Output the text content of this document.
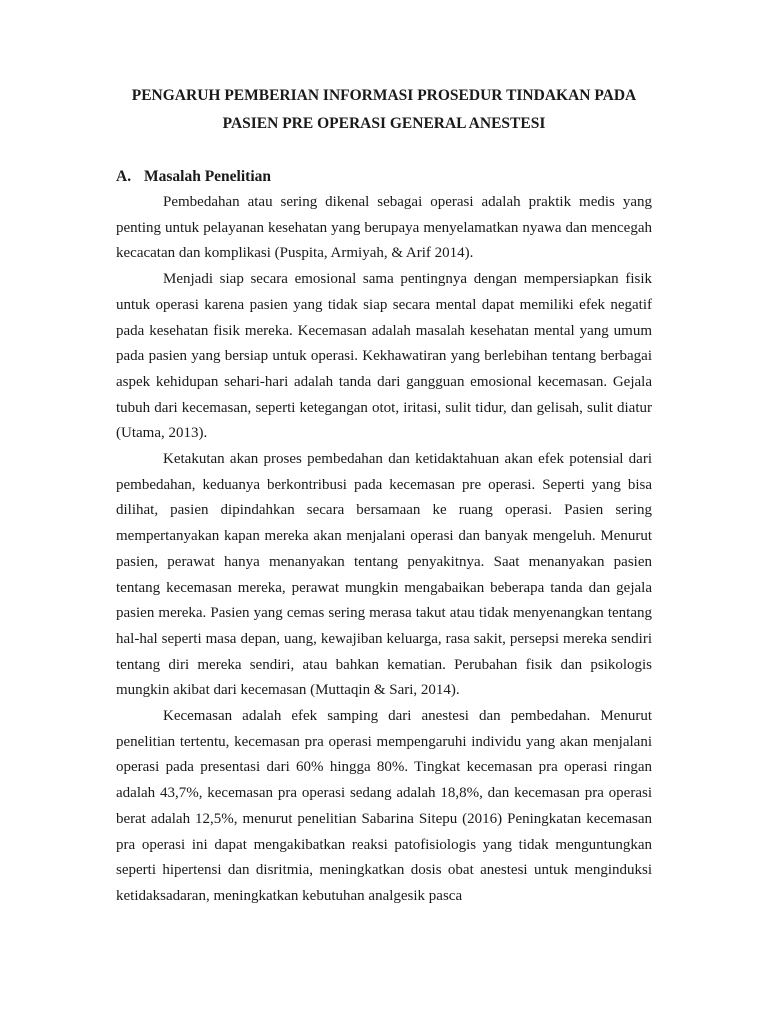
PENGARUH PEMBERIAN INFORMASI PROSEDUR TINDAKAN PADA
PASIEN PRE OPERASI GENERAL ANESTESI
A. Masalah Penelitian

Pembedahan atau sering dikenal sebagai operasi adalah praktik medis yang penting untuk pelayanan kesehatan yang berupaya menyelamatkan nyawa dan mencegah kecacatan dan komplikasi (Puspita, Armiyah, & Arif 2014).

Menjadi siap secara emosional sama pentingnya dengan mempersiapkan fisik untuk operasi karena pasien yang tidak siap secara mental dapat memiliki efek negatif pada kesehatan fisik mereka. Kecemasan adalah masalah kesehatan mental yang umum pada pasien yang bersiap untuk operasi. Kekhawatiran yang berlebihan tentang berbagai aspek kehidupan sehari-hari adalah tanda dari gangguan emosional kecemasan. Gejala tubuh dari kecemasan, seperti ketegangan otot, iritasi, sulit tidur, dan gelisah, sulit diatur (Utama, 2013).

Ketakutan akan proses pembedahan dan ketidaktahuan akan efek potensial dari pembedahan, keduanya berkontribusi pada kecemasan pre operasi. Seperti yang bisa dilihat, pasien dipindahkan secara bersamaan ke ruang operasi. Pasien sering mempertanyakan kapan mereka akan menjalani operasi dan banyak mengeluh. Menurut pasien, perawat hanya menanyakan tentang penyakitnya. Saat menanyakan pasien tentang kecemasan mereka, perawat mungkin mengabaikan beberapa tanda dan gejala pasien mereka. Pasien yang cemas sering merasa takut atau tidak menyenangkan tentang hal-hal seperti masa depan, uang, kewajiban keluarga, rasa sakit, persepsi mereka sendiri tentang diri mereka sendiri, atau bahkan kematian. Perubahan fisik dan psikologis mungkin akibat dari kecemasan (Muttaqin & Sari, 2014).

Kecemasan adalah efek samping dari anestesi dan pembedahan. Menurut penelitian tertentu, kecemasan pra operasi mempengaruhi individu yang akan menjalani operasi pada presentasi dari 60% hingga 80%. Tingkat kecemasan pra operasi ringan adalah 43,7%, kecemasan pra operasi sedang adalah 18,8%, dan kecemasan pra operasi berat adalah 12,5%, menurut penelitian Sabarina Sitepu (2016) Peningkatan kecemasan pra operasi ini dapat mengakibatkan reaksi patofisiologis yang tidak menguntungkan seperti hipertensi dan disritmia, meningkatkan dosis obat anestesi untuk menginduksi ketidaksadaran, meningkatkan kebutuhan analgesik pasca
